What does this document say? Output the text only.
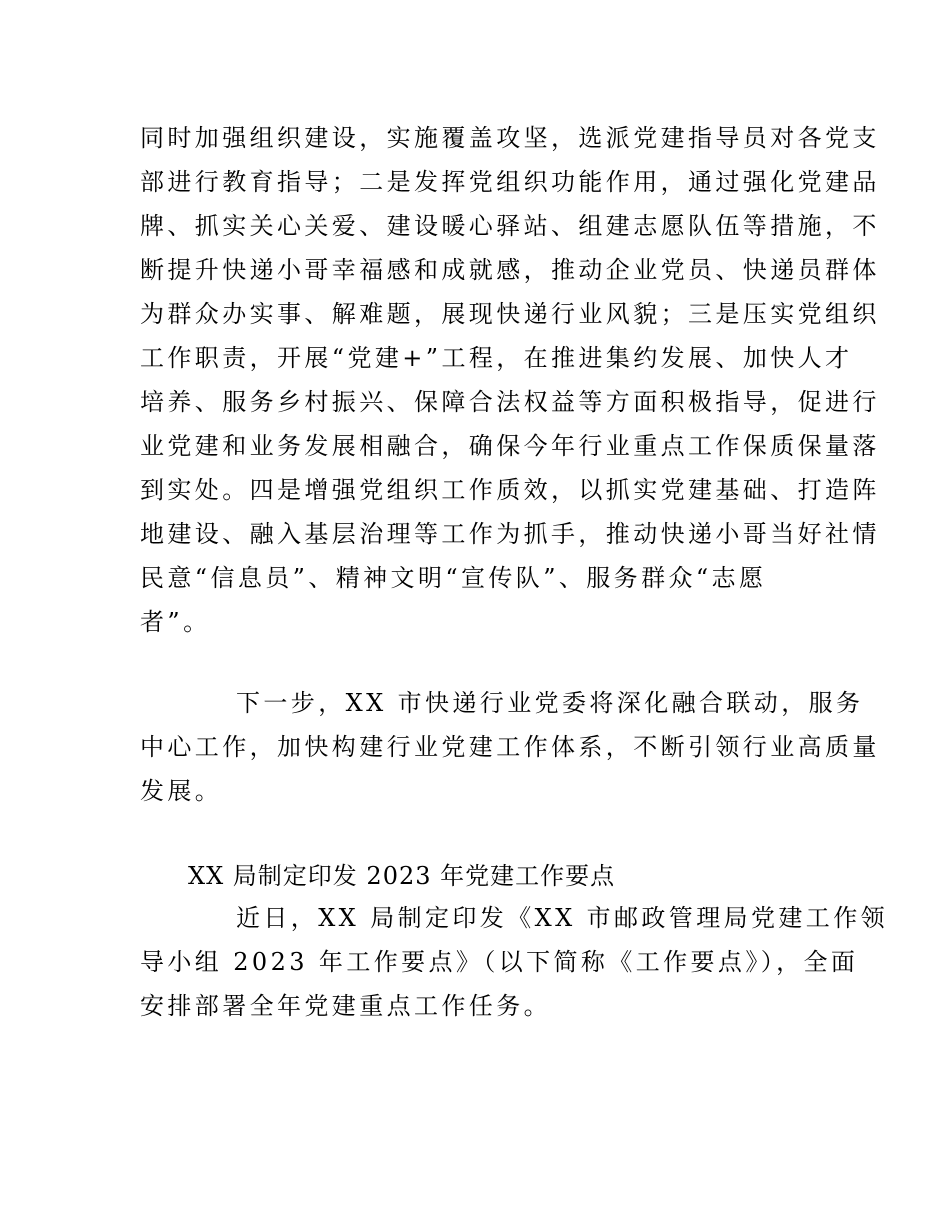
同时加强组织建设，实施覆盖攻坚，选派党建指导员对各党支
部进行教育指导；二是发挥党组织功能作用，通过强化党建品
牌、抓实关心关爱、建设暖心驿站、组建志愿队伍等措施，不
断提升快递小哥幸福感和成就感，推动企业党员、快递员群体
为群众办实事、解难题，展现快递行业风貌；三是压实党组织
工作职责，开展“党建+”工程，在推进集约发展、加快人才
培养、服务乡村振兴、保障合法权益等方面积极指导，促进行
业党建和业务发展相融合，确保今年行业重点工作保质保量落
到实处。四是增强党组织工作质效，以抓实党建基础、打造阵
地建设、融入基层治理等工作为抓手，推动快递小哥当好社情
民意“信息员”、精神文明“宣传队”、服务群众“志愿
者”。
下一步，XX 市快递行业党委将深化融合联动，服务
中心工作，加快构建行业党建工作体系，不断引领行业高质量
发展。
XX 局制定印发 2023 年党建工作要点
近日，XX 局制定印发《XX 市邮政管理局党建工作领
导小组 2023 年工作要点》（以下简称《工作要点》），全面
安排部署全年党建重点工作任务。
